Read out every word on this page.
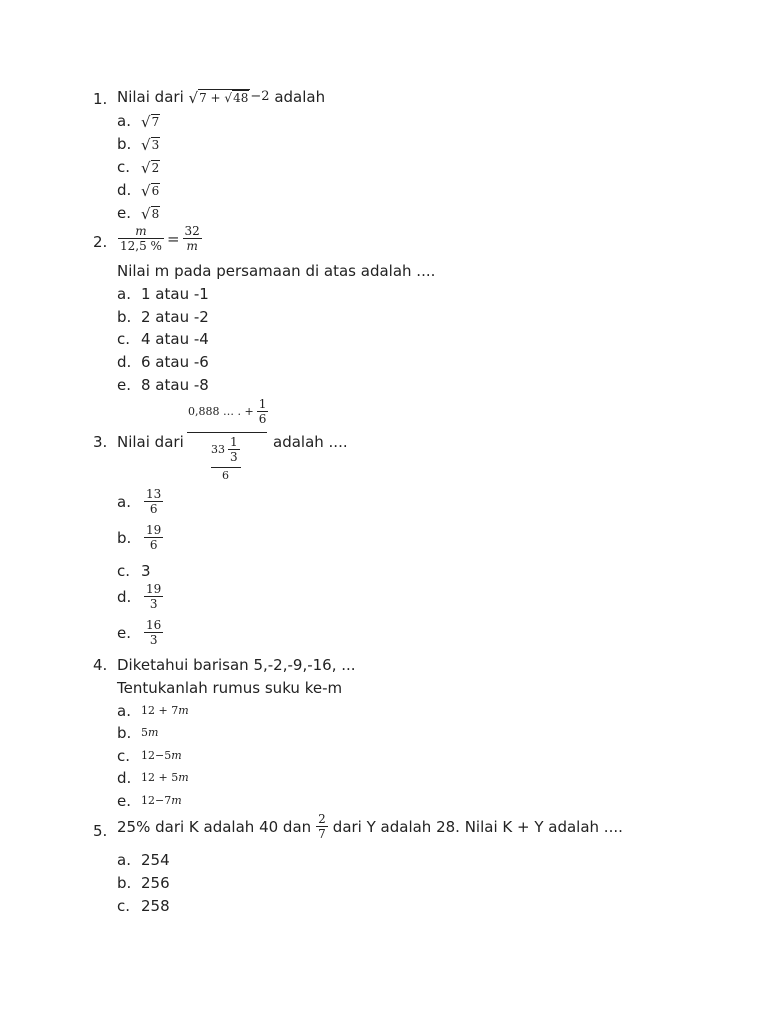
1. Nilai dari
√ 7 + √ 48 −2
adalah
a. √ 7
b. √ 3
c. √ 2
d. √ 6
e. √ 8
2. $\frac{m}{12,5 \%} = \frac{32}{m}$
Nilai m pada persamaan di atas adalah ....
a. 1 atau -1
b. 2 atau -2
c. 4 atau -4
d. 6 atau -6
e. 8 atau -8
3. Nilai dari
0,888 … . + $\frac{1}{6}$
$33 \frac{1}{3}$
6
adalah ....
a.	$\frac{13}{6}$
b.	$\frac{19}{6}$
c. 3
d.	$\frac{19}{3}$
e.	$\frac{16}{3}$
4. Diketahui barisan 5,-2,-9,-16, ...
Tentukanlah rumus suku ke-m
a. 12 + 7 m
b. 5 m
c. 12−5 m
d. 12 + 5 m
e. 12−7 m
5. 25% dari K adalah 40 dan $\frac{2}{7}$ dari Y adalah 28. Nilai K + Y adalah ....
a. 254
b. 256
c. 258
